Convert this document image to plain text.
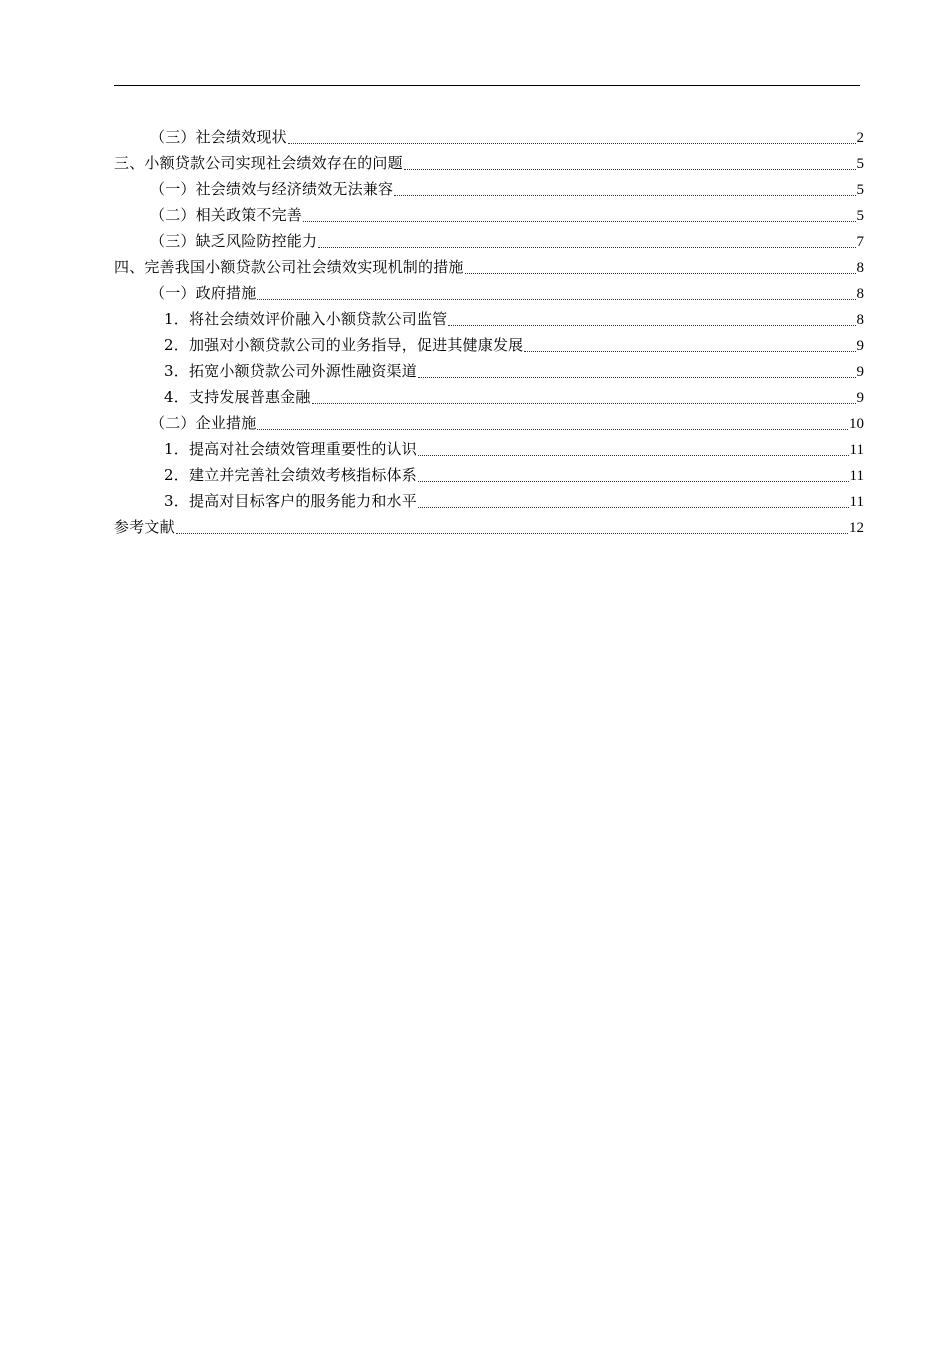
（三）社会绩效现状	2
三、小额贷款公司实现社会绩效存在的问题	5
（一）社会绩效与经济绩效无法兼容	5
（二）相关政策不完善	5
（三）缺乏风险防控能力	7
四、完善我国小额贷款公司社会绩效实现机制的措施	8
（一）政府措施	8
1．将社会绩效评价融入小额贷款公司监管	8
2．加强对小额贷款公司的业务指导，促进其健康发展	9
3．拓宽小额贷款公司外源性融资渠道	9
4．支持发展普惠金融	9
（二）企业措施	10
1．提高对社会绩效管理重要性的认识	11
2．建立并完善社会绩效考核指标体系	11
3．提高对目标客户的服务能力和水平	11
参考文献	12
